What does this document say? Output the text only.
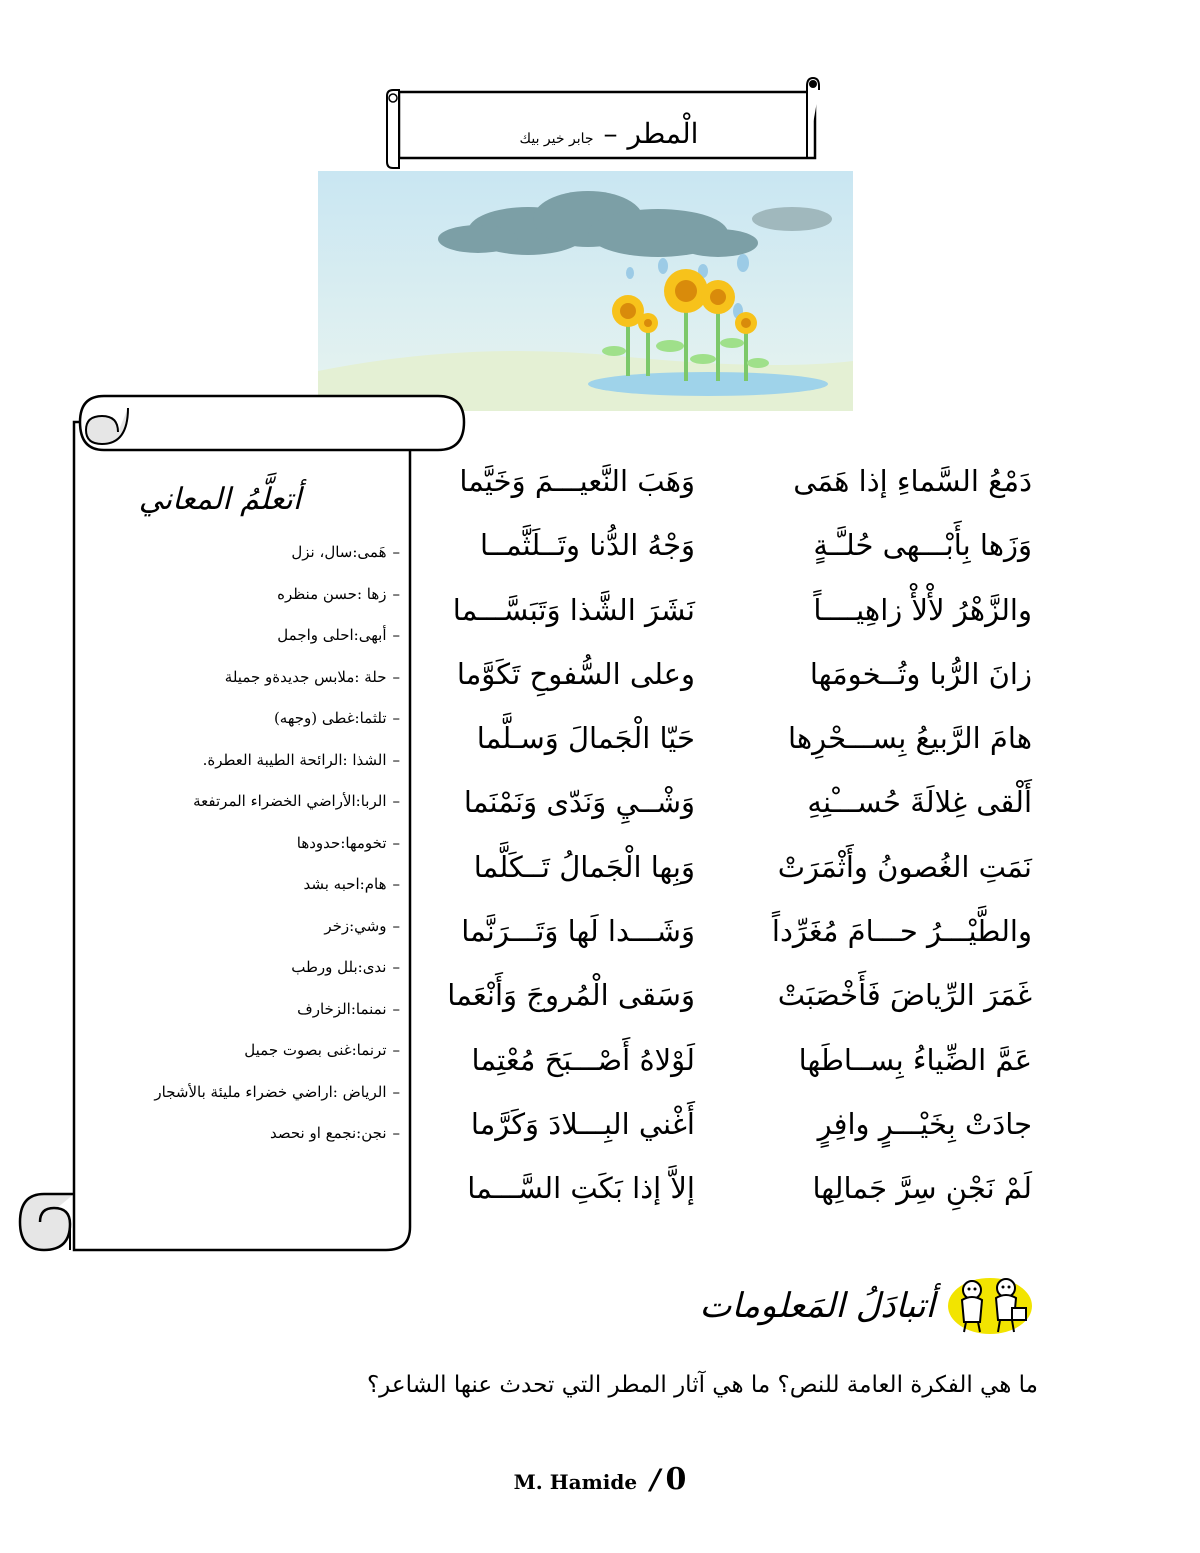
الْمطر–جابر خير بيك
أتعلَّمُ المعاني
–هَمى:سال، نزل
–زها :حسن منظره
–أبهى:احلى واجمل
–حلة :ملابس جديدة‌و جميلة
–تلثما:غطى (وجهه)
–الشذا :الرائحة الطيبة العطرة.
–الربا:الأراضي الخضراء المرتفعة
–تخومها:حدودها
–هام:احبه بشد
–وشي:زخر
–ندى:بلل ورطب
–نمنما:الزخارف
–ترنما:غنى بصوت جميل
–الرياض :اراضي خضراء مليئة بالأشجار
–نجن:نجمع او نحصد
دَمْعُ السَّماءِ إذا هَمَى
وَهَبَ النَّعيـــمَ وَخَيَّما
وَزَها بِأَبْـــهى حُلـَّـةٍ
وَجْهُ الدُّنا وتَــلَثَّمــا
والزَّهْرُ لأْلأْ زاهِيــــاً
نَشَرَ الشَّذا وَتَبَسَّـــما
زانَ الرُّبا وتُــخومَها
وعلى السُّفوحِ تَكَوَّما
هامَ الرَّبيعُ بِســـحْرِها
حَيّا الْجَمالَ وَسـلَّما
أَلْقى غِلالَةَ حُســـْنِهِ
وَشْــيِ وَنَدّى وَنَمْنَما
نَمَتِ الغُصونُ وأَثْمَرَتْ
وَبِها الْجَمالُ تَــكَلَّما
والطَّيْـــرُ حـــامَ مُغَرِّداً
وَشَـــدا لَها وَتَـــرَنَّما
غَمَرَ الرِّياضَ فَأَخْصَبَتْ
وَسَقى الْمُروجَ وَأَنْعَما
عَمَّ الضِّياءُ بِســاطَها
لَوْلاهُ أَصْـــبَحَ مُعْتِما
جادَتْ بِخَيْـــرٍ وافِرٍ
أَغْني البِـــلادَ وَكَرَّما
لَمْ نَجْنِ سِرَّ جَمالِها
إلاَّ إذا بَكَتِ السَّـــما
أتبادَلُ المَعلومات
ما هي الفكرة العامة للنص؟ ما هي آثار المطر التي تحدث عنها الشاعر؟
M. Hamide / 0
